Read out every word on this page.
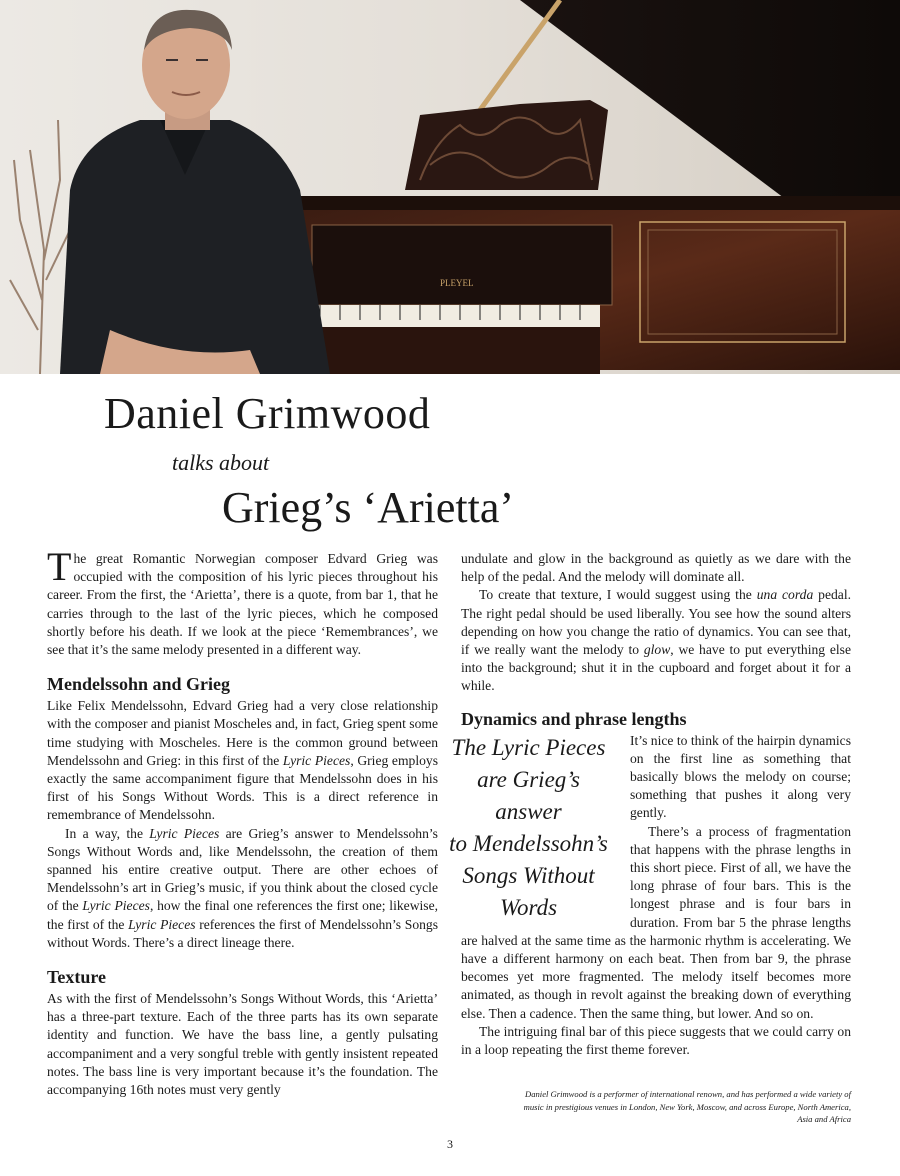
PLEYEL
Daniel Grimwood
talks about
Grieg’s ‘Arietta’

The great Romantic Norwegian composer Edvard Grieg was occupied with the composition of his lyric pieces throughout his career. From the first, the ‘Arietta’, there is a quote, from bar 1, that he carries through to the last of the lyric pieces, which he composed shortly before his death. If we look at the piece ‘Remembrances’, we see that it’s the same melody presented in a different way.

Mendelssohn and Grieg

Like Felix Mendelssohn, Edvard Grieg had a very close relationship with the composer and pianist Moscheles and, in fact, Grieg spent some time studying with Moscheles. Here is the common ground between Mendelssohn and Grieg: in this first of the Lyric Pieces, Grieg employs exactly the same accompaniment figure that Mendelssohn does in his first of his Songs Without Words. This is a direct reference in remembrance of Mendelssohn.

In a way, the Lyric Pieces are Grieg’s answer to Mendelssohn’s Songs Without Words and, like Mendelssohn, the creation of them spanned his entire creative output. There are other echoes of Mendelssohn’s art in Grieg’s music, if you think about the closed cycle of the Lyric Pieces, how the final one references the first one; likewise, the first of the Lyric Pieces references the first of Mendelssohn’s Songs without Words. There’s a direct lineage there.

Texture

As with the first of Mendelssohn’s Songs Without Words, this ‘Arietta’ has a three-part texture. Each of the three parts has its own separate identity and function. We have the bass line, a gently pulsating accompaniment and a very songful treble with gently insistent repeated notes. The bass line is very important because it’s the foundation. The accompanying 16th notes must very gently

undulate and glow in the background as quietly as we dare with the help of the pedal. And the melody will dominate all.

To create that texture, I would suggest using the una corda pedal. The right pedal should be used liberally. You see how the sound alters depending on how you change the ratio of dynamics. You can see that, if we really want the melody to glow, we have to put everything else into the background; shut it in the cupboard and forget about it for a while.

Dynamics and phrase lengths
The Lyric Pieces
are Grieg’s answer
to Mendelssohn’s
Songs Without
Words

It’s nice to think of the hairpin dynamics on the first line as something that basically blows the melody on course; something that pushes it along very gently.

There’s a process of fragmentation that happens with the phrase lengths in this short piece. First of all, we have the long phrase of four bars. This is the longest phrase and is four bars in duration. From bar 5 the phrase lengths are halved at the same time as the harmonic rhythm is accelerating. We have a different harmony on each beat. Then from bar 9, the phrase becomes yet more fragmented. The melody itself becomes more animated, as though in revolt against the breaking down of everything else. Then a cadence. Then the same thing, but lower. And so on.

The intriguing final bar of this piece suggests that we could carry on in a loop repeating the first theme forever.

Daniel Grimwood is a performer of international renown, and has performed a wide variety of music in prestigious venues in London, New York, Moscow, and across Europe, North America, Asia and Africa
3
